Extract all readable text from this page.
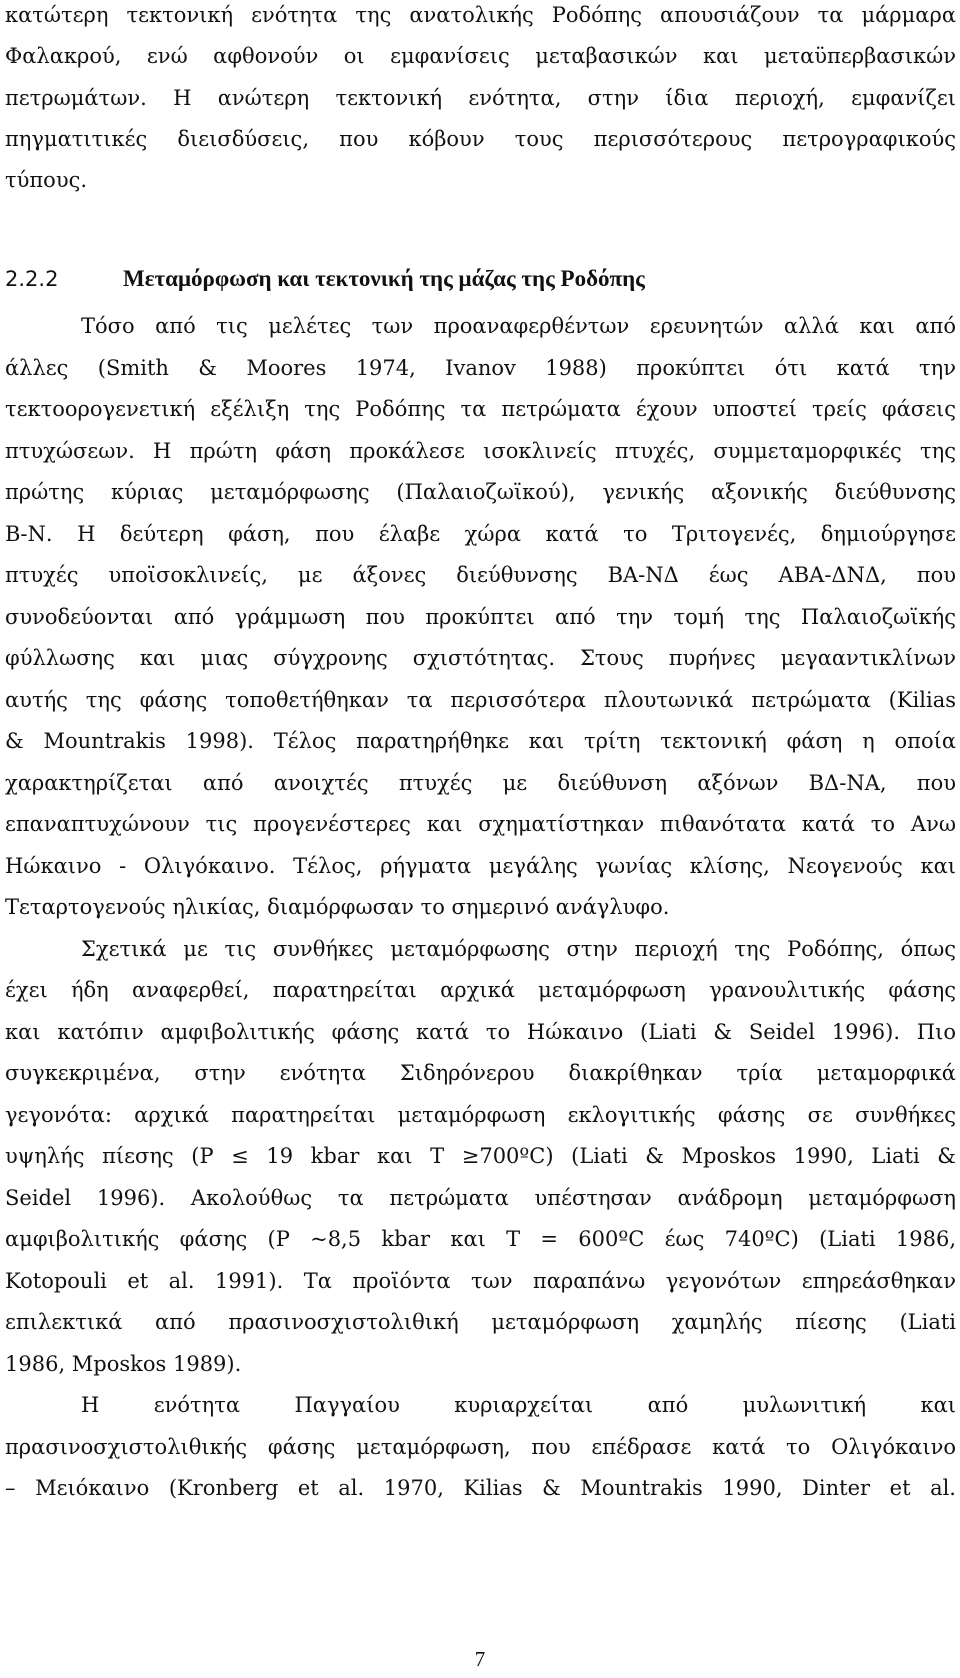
κατώτερη τεκτονική ενότητα της ανατολικής Ροδόπης απουσιάζουν τα μάρμαρα
Φαλακρού, ενώ αφθονούν οι εμφανίσεις μεταβασικών και μεταϋπερβασικών
πετρωμάτων. Η ανώτερη τεκτονική ενότητα, στην ίδια περιοχή, εμφανίζει
πηγματιτικές διεισδύσεις, που κόβουν τους περισσότερους πετρογραφικούς
τύπους.
2.2.2	Μεταμόρφωση και τεκτονική της μάζας της Ροδόπης
Τόσο από τις μελέτες των προαναφερθέντων ερευνητών αλλά και από
άλλες (Smith & Moores 1974, Ivanov 1988) προκύπτει ότι κατά την
τεκτοορογενετική εξέλιξη της Ροδόπης τα πετρώματα έχουν υποστεί τρείς φάσεις
πτυχώσεων. Η πρώτη φάση προκάλεσε ισοκλινείς πτυχές, συμμεταμορφικές της
πρώτης κύριας μεταμόρφωσης (Παλαιοζωϊκού), γενικής αξονικής διεύθυνσης
Β-Ν. Η δεύτερη φάση, που έλαβε χώρα κατά το Τριτογενές, δημιούργησε
πτυχές υποϊσοκλινείς, με άξονες διεύθυνσης ΒΑ-ΝΔ έως ΑΒΑ-ΔΝΔ, που
συνοδεύονται από γράμμωση που προκύπτει από την τομή της Παλαιοζωϊκής
φύλλωσης και μιας σύγχρονης σχιστότητας. Στους πυρήνες μεγααντικλίνων
αυτής της φάσης τοποθετήθηκαν τα περισσότερα πλουτωνικά πετρώματα (Kilias
& Mountrakis 1998). Τέλος παρατηρήθηκε και τρίτη τεκτονική φάση η οποία
χαρακτηρίζεται από ανοιχτές πτυχές με διεύθυνση αξόνων ΒΔ-ΝΑ, που
επαναπτυχώνουν τις προγενέστερες και σχηματίστηκαν πιθανότατα κατά το Ανω
Ηώκαινο - Ολιγόκαινο. Τέλος, ρήγματα μεγάλης γωνίας κλίσης, Νεογενούς και
Τεταρτογενούς ηλικίας, διαμόρφωσαν το σημερινό ανάγλυφο.
Σχετικά με τις συνθήκες μεταμόρφωσης στην περιοχή της Ροδόπης, όπως
έχει ήδη αναφερθεί, παρατηρείται αρχικά μεταμόρφωση γρανουλιτικής φάσης
και κατόπιν αμφιβολιτικής φάσης κατά το Ηώκαινο (Liati & Seidel 1996). Πιο
συγκεκριμένα, στην ενότητα Σιδηρόνερου διακρίθηκαν τρία μεταμορφικά
γεγονότα: αρχικά παρατηρείται μεταμόρφωση εκλογιτικής φάσης σε συνθήκες
υψηλής πίεσης (P ≤ 19 kbar και T ≥700ºC) (Liati & Mposkos 1990, Liati &
Seidel 1996). Ακολούθως τα πετρώματα υπέστησαν ανάδρομη μεταμόρφωση
αμφιβολιτικής φάσης (P ~8,5 kbar και T = 600ºC έως 740ºC) (Liati 1986,
Kotopouli et al. 1991). Τα προϊόντα των παραπάνω γεγονότων επηρεάσθηκαν
επιλεκτικά από πρασινοσχιστολιθική μεταμόρφωση χαμηλής πίεσης (Liati
1986, Mposkos 1989).
Η ενότητα Παγγαίου κυριαρχείται από μυλωνιτική και
πρασινοσχιστολιθικής φάσης μεταμόρφωση, που επέδρασε κατά το Ολιγόκαινο
– Μειόκαινο (Kronberg et al. 1970, Kilias & Mountrakis 1990, Dinter et al.
7
